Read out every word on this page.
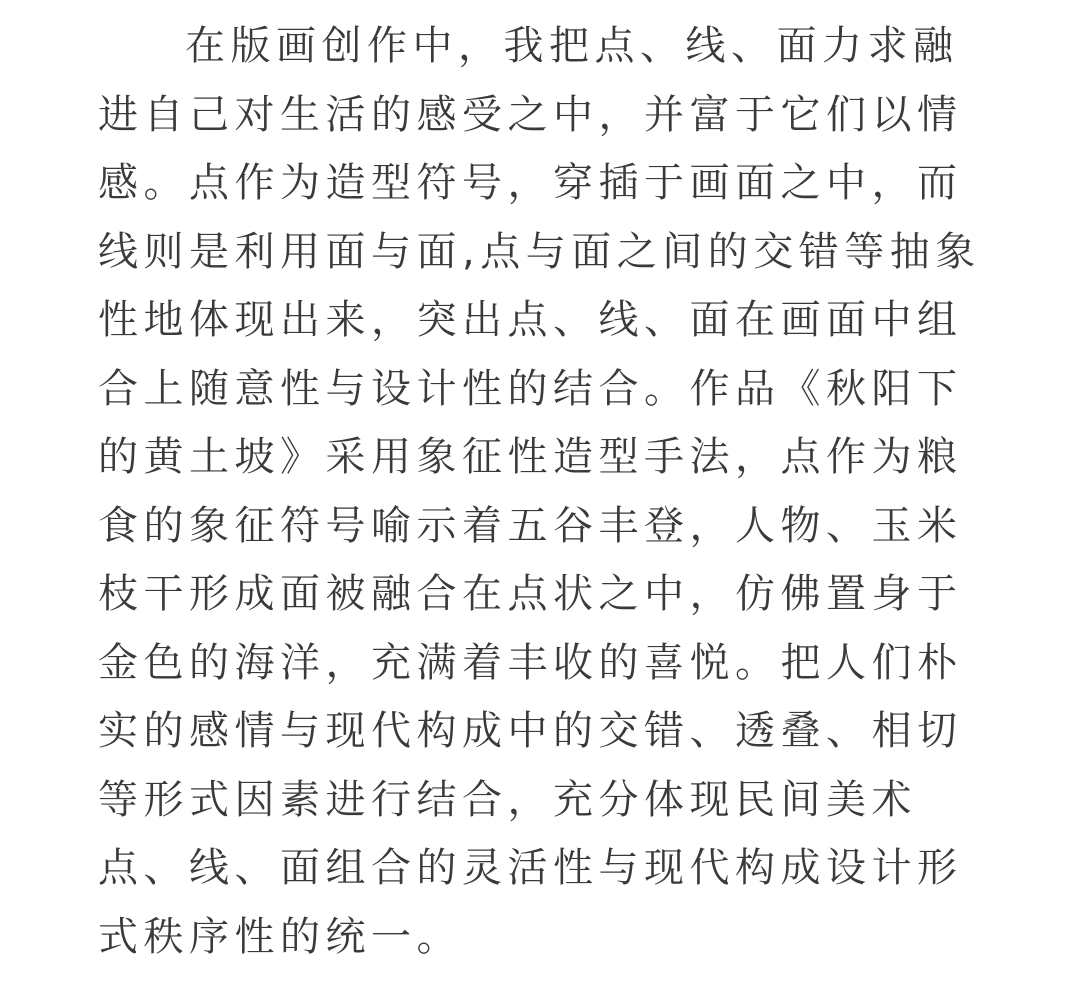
在版画创作中，我把点、线、面力求融
进自己对生活的感受之中，并富于它们以情
感。点作为造型符号，穿插于画面之中，而
线则是利用面与面,点与面之间的交错等抽象
性地体现出来，突出点、线、面在画面中组
合上随意性与设计性的结合。作品《秋阳下
的黄土坡》采用象征性造型手法，点作为粮
食的象征符号喻示着五谷丰登，人物、玉米
枝干形成面被融合在点状之中，仿佛置身于
金色的海洋，充满着丰收的喜悦。把人们朴
实的感情与现代构成中的交错、透叠、相切
等形式因素进行结合，充分体现民间美术
点、线、面组合的灵活性与现代构成设计形
式秩序性的统一。
